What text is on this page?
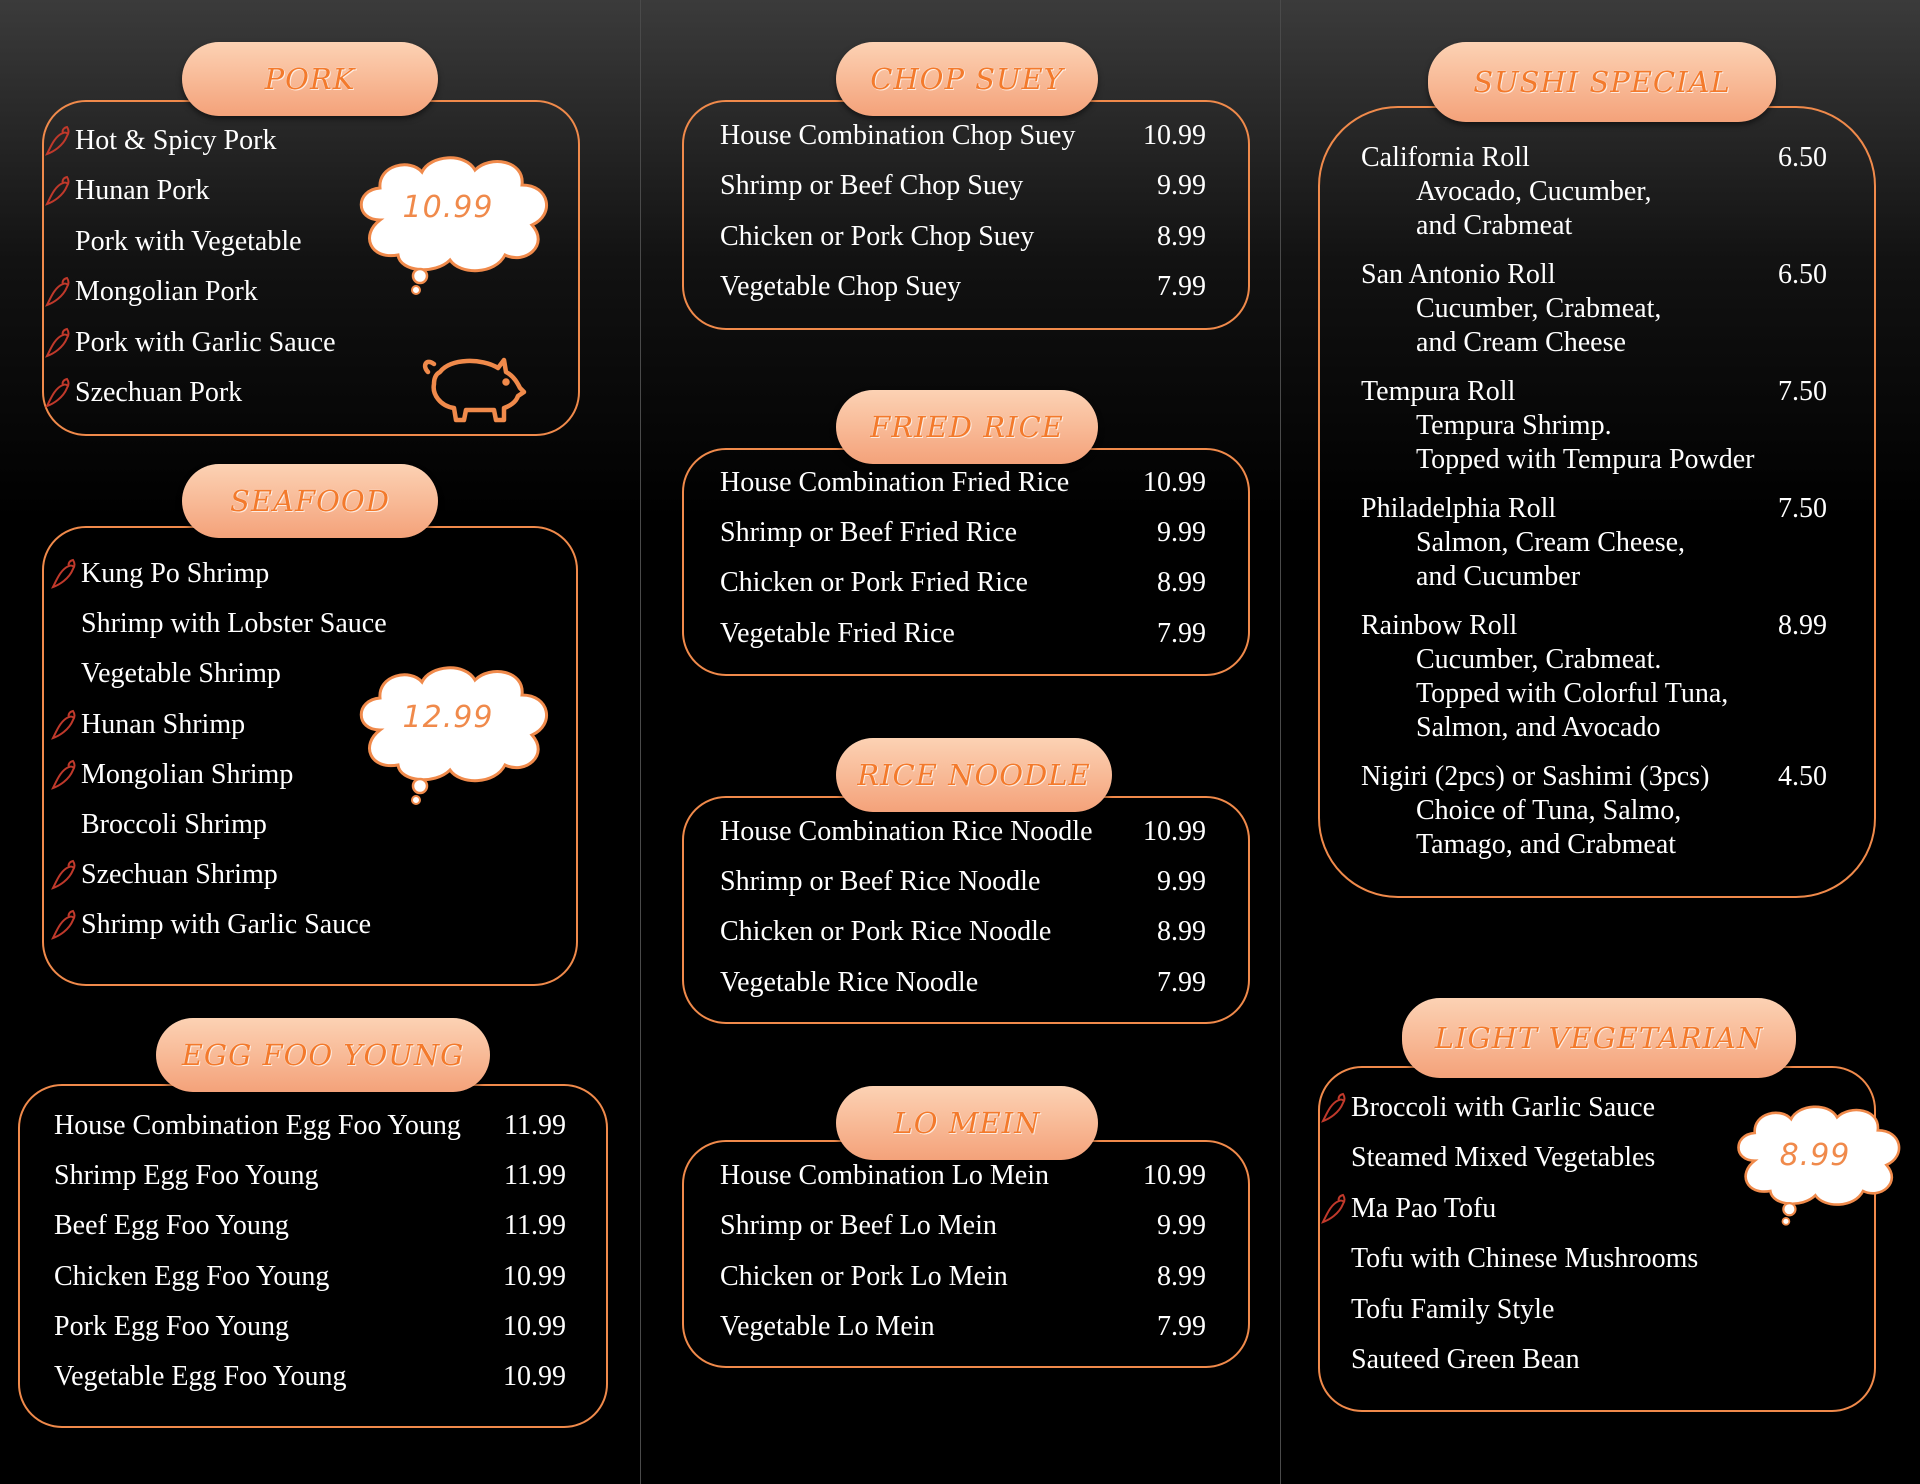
PORK
Hot & Spicy Pork
Hunan Pork
Pork with Vegetable
Mongolian Pork
Pork with Garlic Sauce
Szechuan Pork
10.99
SEAFOOD
Kung Po Shrimp
Shrimp with Lobster Sauce
Vegetable Shrimp
Hunan Shrimp
Mongolian Shrimp
Broccoli Shrimp
Szechuan Shrimp
Shrimp with Garlic Sauce
12.99
EGG FOO YOUNG
House Combination Egg Foo Young	11.99
Shrimp Egg Foo Young	11.99
Beef Egg Foo Young	11.99
Chicken Egg Foo Young	10.99
Pork Egg Foo Young	10.99
Vegetable Egg Foo Young	10.99
CHOP SUEY
House Combination Chop Suey	10.99
Shrimp or Beef Chop Suey	9.99
Chicken or Pork Chop Suey	8.99
Vegetable Chop Suey	7.99
FRIED RICE
House Combination Fried Rice	10.99
Shrimp or Beef Fried Rice	9.99
Chicken or Pork Fried Rice	8.99
Vegetable Fried Rice	7.99
RICE NOODLE
House Combination Rice Noodle	10.99
Shrimp or Beef Rice Noodle	9.99
Chicken or Pork Rice Noodle	8.99
Vegetable Rice Noodle	7.99
LO MEIN
House Combination Lo Mein	10.99
Shrimp or Beef Lo Mein	9.99
Chicken or Pork Lo Mein	8.99
Vegetable Lo Mein	7.99
SUSHI SPECIAL
California Roll	6.50
Avocado, Cucumber,
and Crabmeat
San Antonio Roll	6.50
Cucumber, Crabmeat,
and Cream Cheese
Tempura Roll	7.50
Tempura Shrimp.
Topped with Tempura Powder
Philadelphia Roll	7.50
Salmon, Cream Cheese,
and Cucumber
Rainbow Roll	8.99
Cucumber, Crabmeat.
Topped with Colorful Tuna,
Salmon, and Avocado
Nigiri (2pcs) or Sashimi (3pcs)	4.50
Choice of Tuna, Salmo,
Tamago, and Crabmeat
LIGHT VEGETARIAN
Broccoli with Garlic Sauce
Steamed Mixed Vegetables
Ma Pao Tofu
Tofu with Chinese Mushrooms
Tofu Family Style
Sauteed Green Bean
8.99
